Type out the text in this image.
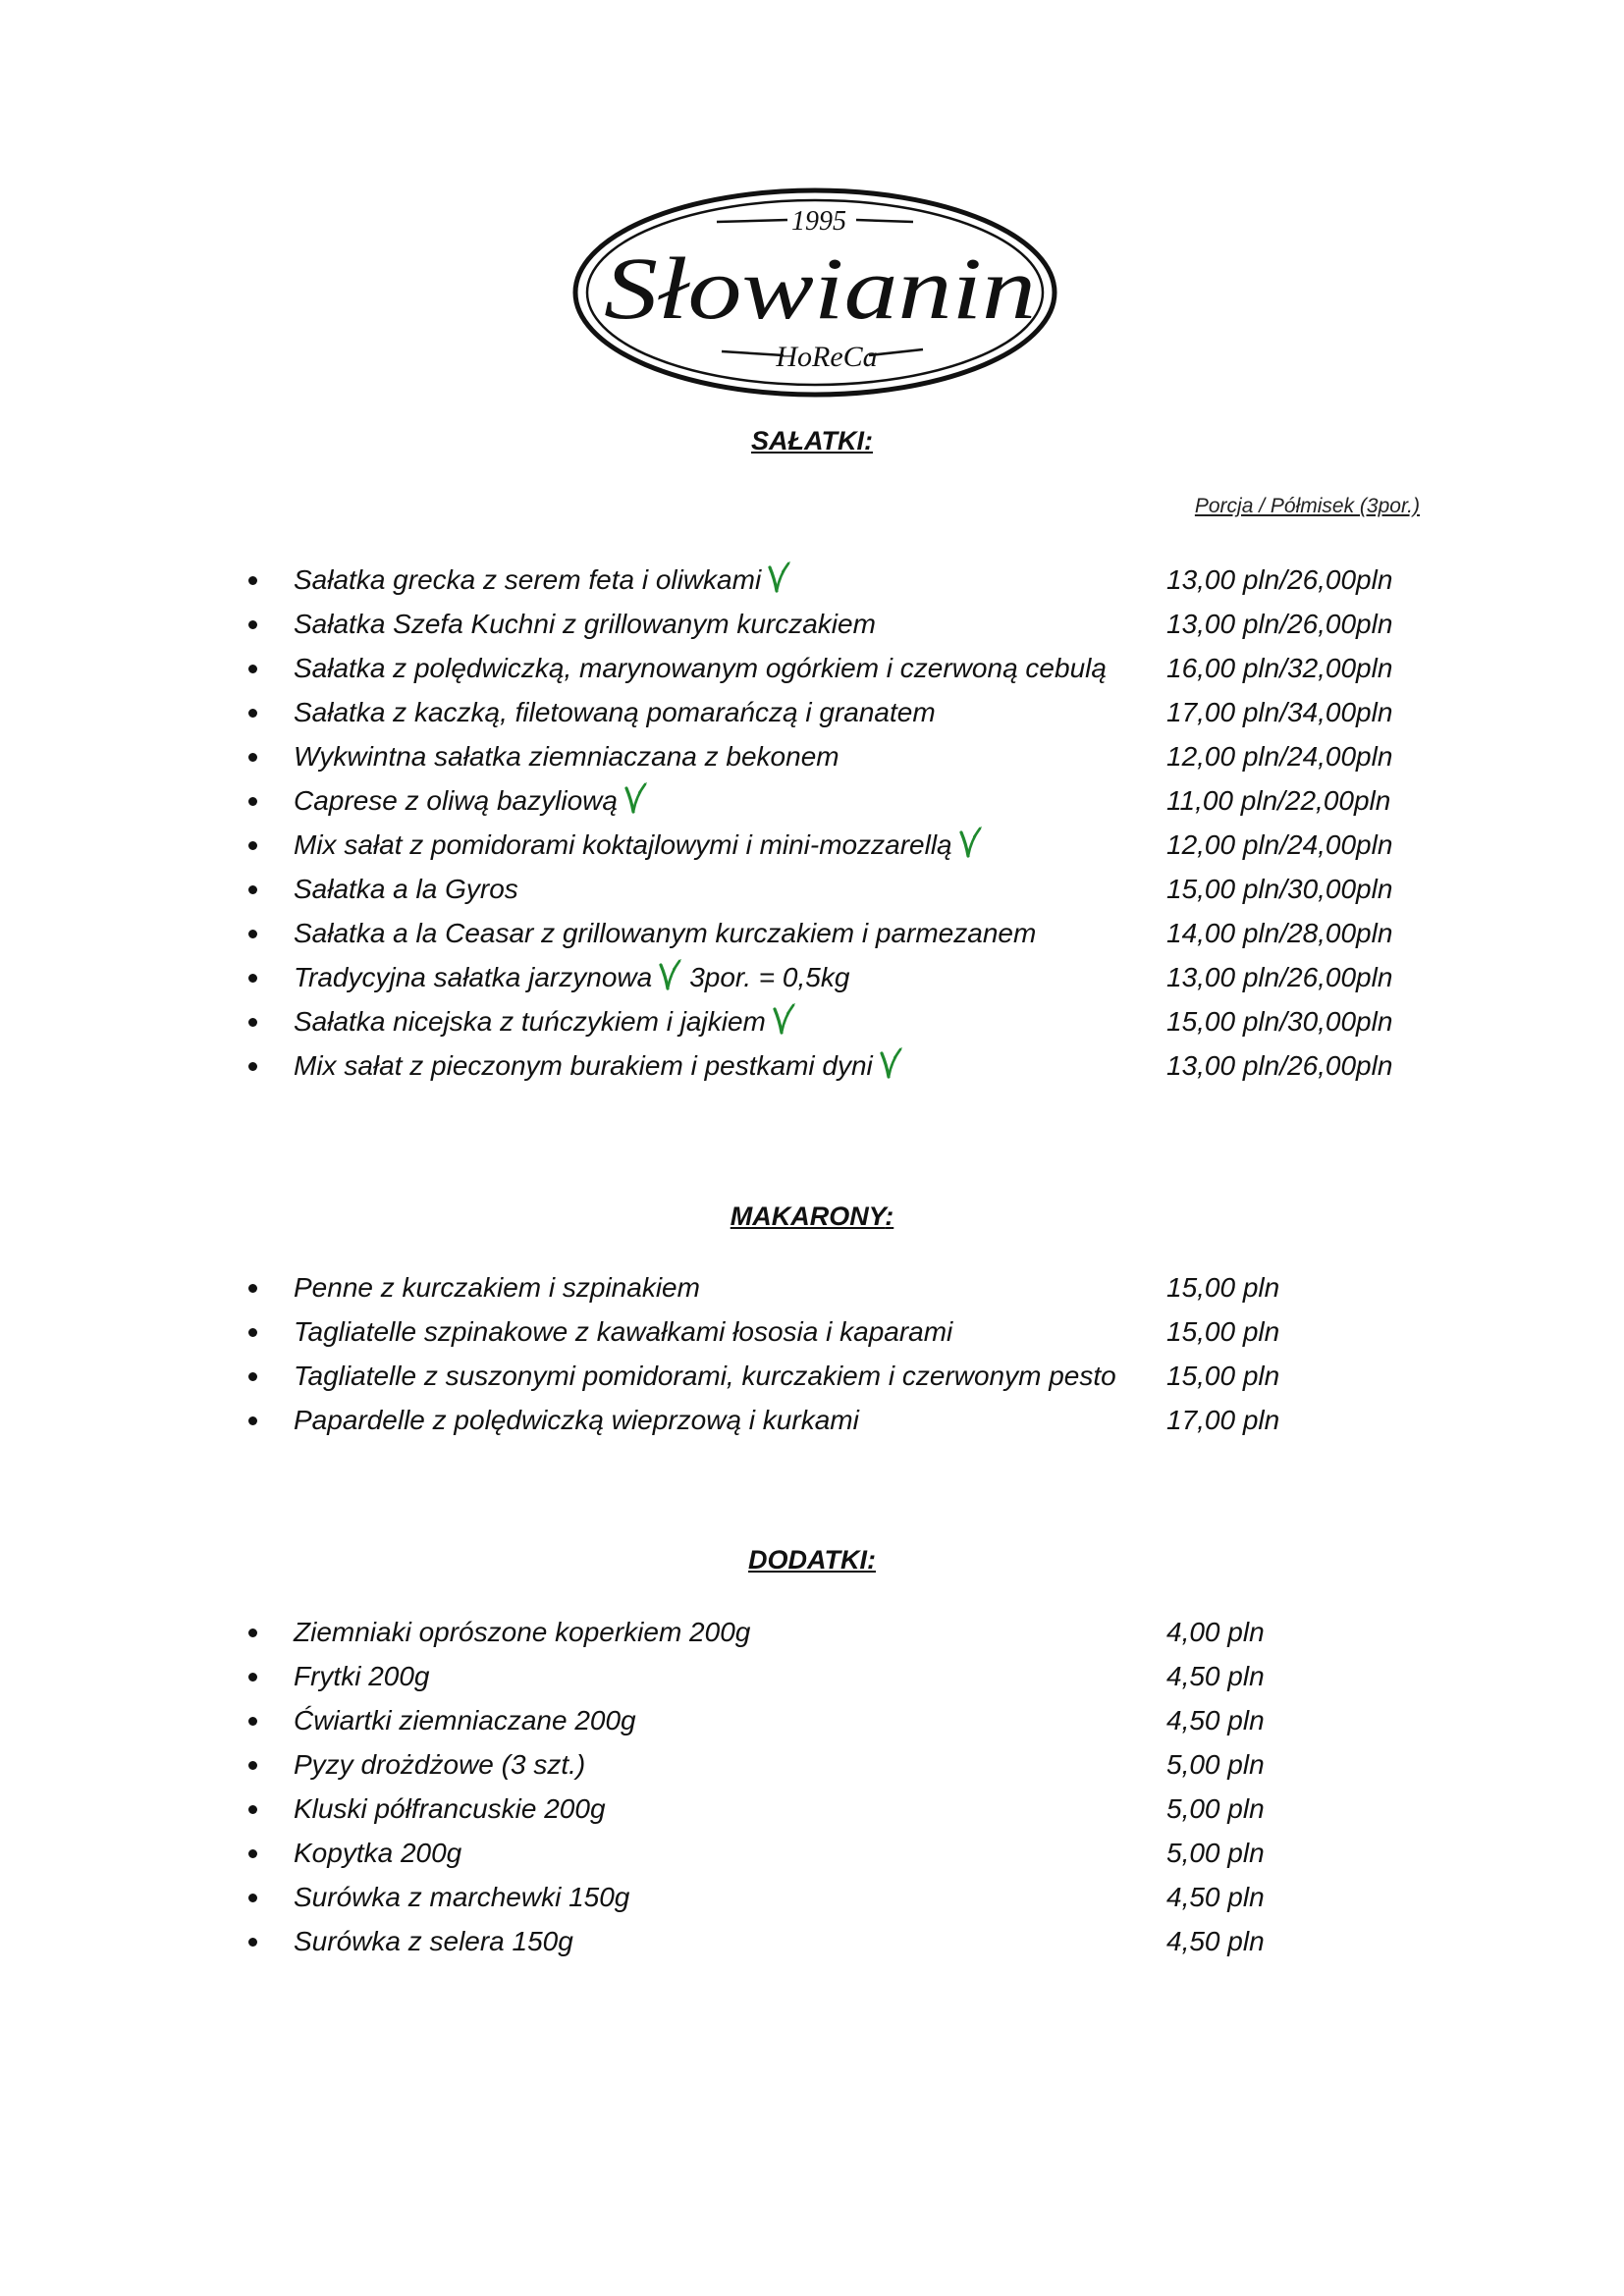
1995
Słowianin
HoReCa
SAŁATKI:
Porcja / Półmisek (3por.)
Sałatka grecka z serem feta i oliwkami	13,00 pln/26,00pln
Sałatka Szefa Kuchni z grillowanym kurczakiem	13,00 pln/26,00pln
Sałatka z polędwiczką, marynowanym ogórkiem i czerwoną cebulą 16,00 pln/32,00pln
Sałatka z kaczką, filetowaną pomarańczą i granatem	17,00 pln/34,00pln
Wykwintna sałatka ziemniaczana z bekonem	12,00 pln/24,00pln
Caprese z oliwą bazyliową	11,00 pln/22,00pln
Mix sałat z pomidorami koktajlowymi i mini-mozzarellą	12,00 pln/24,00pln
Sałatka a la Gyros	15,00 pln/30,00pln
Sałatka a la Ceasar z grillowanym kurczakiem i parmezanem	14,00 pln/28,00pln
Tradycyjna sałatka jarzynowa 3por. = 0,5kg	13,00 pln/26,00pln
Sałatka nicejska z tuńczykiem i jajkiem	15,00 pln/30,00pln
Mix sałat z pieczonym burakiem i pestkami dyni	13,00 pln/26,00pln
MAKARONY:
Penne z kurczakiem i szpinakiem	15,00 pln
Tagliatelle szpinakowe z kawałkami łososia i kaparami	15,00 pln
Tagliatelle z suszonymi pomidorami, kurczakiem i czerwonym pesto 15,00 pln
Papardelle z polędwiczką wieprzową i kurkami	17,00 pln
DODATKI:
Ziemniaki oprószone koperkiem 200g	4,00 pln
Frytki 200g	4,50 pln
Ćwiartki ziemniaczane 200g	4,50 pln
Pyzy drożdżowe (3 szt.)	5,00 pln
Kluski półfrancuskie 200g	5,00 pln
Kopytka 200g	5,00 pln
Surówka z marchewki 150g	4,50 pln
Surówka z selera 150g	4,50 pln
